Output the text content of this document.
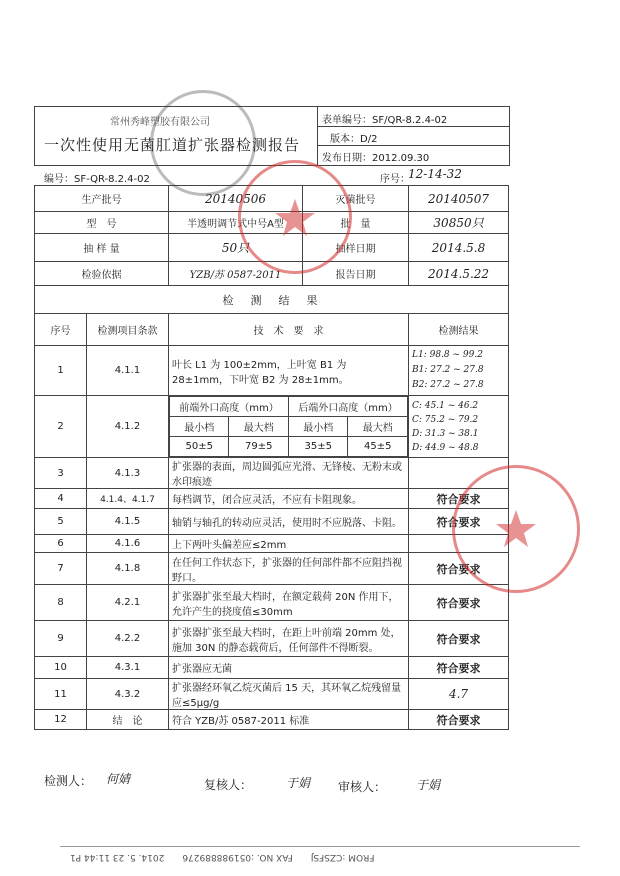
常州秀峰塑胶有限公司
一次性使用无菌肛道扩张器检测报告
表单编号：SF/QR-8.2.4-02
版本：D/2
发布日期：2012.09.30
编号：SF-QR-8.2.4-02	序号：
12-14-32
生产批号	20140506	灭菌批号	20140507
型　号	半透明调节式中号A型	批　量	30850只
抽 样 量	50只	抽样日期	2014.5.8
检验依据	YZB/苏 0587-2011	报告日期	2014.5.22
检　测　结　果
序号	检测项目条款	技　术　要　求	检测结果
1	4.1.1	叶长 L1 为 100±2mm，上叶宽 B1 为 28±1mm，下叶宽 B2 为 28±1mm。	
L1: 98.8 ~ 99.2
B1: 27.2 ~ 27.8
B2: 27.2 ~ 27.8

2	4.1.2	
前端外口高度（mm）	后端外口高度（mm）
最小档	最大档	最小档	最大档
50±5	79±5	35±5	45±5

C: 45.1 ~ 46.2
C: 75.2 ~ 79.2
D: 31.3 ~ 38.1
D: 44.9 ~ 48.8

3	4.1.3	扩张器的表面，周边圆弧应光滑、无锋棱、无粉末或水印痕迹	
4	4.1.4、4.1.7	每档调节，闭合应灵活，不应有卡阻现象。	符合要求
5	4.1.5	轴销与轴孔的转动应灵活，使用时不应脱落、卡阻。	符合要求
6	4.1.6	上下两叶头偏差应≤2mm	
7	4.1.8	在任何工作状态下，扩张器的任何部件都不应阻挡视野口。	符合要求
8	4.2.1	扩张器扩张至最大档时，在额定载荷 20N 作用下，允许产生的挠度值≤30mm	符合要求
9	4.2.2	扩张器扩张至最大档时，在距上叶前端 20mm 处，施加 30N 的静态载荷后，任何部件不得断裂。	符合要求
10	4.3.1	扩张器应无菌	符合要求
11	4.3.2	扩张器经环氧乙烷灭菌后 15 天，其环氧乙烷残留量应≤5μg/g	4.7
12	结　论	符合 YZB/苏 0587-2011 标准	符合要求
检测人： 何婧	复核人：	于娟 审核人： 于娟
FROM :CZSFSJ　　FAX NO. :051988889276　　2014. 5. 23 11:44 P1
